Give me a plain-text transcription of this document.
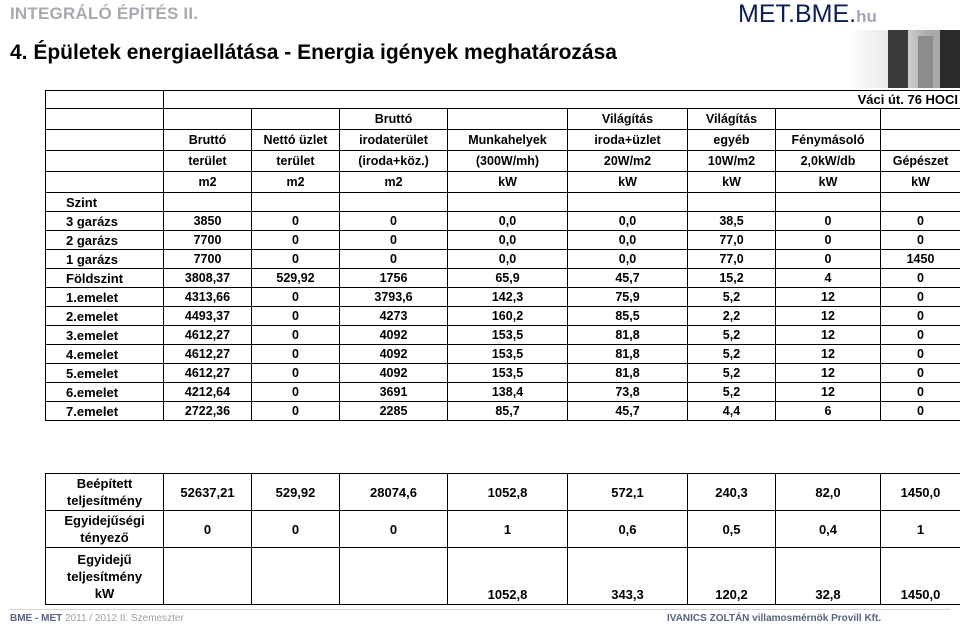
INTEGRÁLÓ ÉPÍTÉS II.	MET.BME.hu
4. Épületek energiaellátása - Energia igények meghatározása
	Váci út. 76 HOCI							
			Bruttó		Világítás	Világítás		
	Bruttó	Nettó üzlet	irodaterület	Munkahelyek	iroda+üzlet	egyéb	Fénymásoló	
	terület	terület	(iroda+köz.)	(300W/mh)	20W/m2	10W/m2	2,0kW/db	Gépészet
	m2	m2	m2	kW	kW	kW	kW	kW
Szint								
3 garázs	3850	0	0	0,0	0,0	38,5	0	0
2 garázs	7700	0	0	0,0	0,0	77,0	0	0
1 garázs	7700	0	0	0,0	0,0	77,0	0	1450
Földszint	3808,37	529,92	1756	65,9	45,7	15,2	4	0
1.emelet	4313,66	0	3793,6	142,3	75,9	5,2	12	0
2.emelet	4493,37	0	4273	160,2	85,5	2,2	12	0
3.emelet	4612,27	0	4092	153,5	81,8	5,2	12	0
4.emelet	4612,27	0	4092	153,5	81,8	5,2	12	0
5.emelet	4612,27	0	4092	153,5	81,8	5,2	12	0
6.emelet	4212,64	0	3691	138,4	73,8	5,2	12	0
7.emelet	2722,36	0	2285	85,7	45,7	4,4	6	0
Beépített
teljesítmény	52637,21	529,92	28074,6	1052,8	572,1	240,3	82,0	1450,0

Egyidejűségi
tényező	0	0	0	1	0,6	0,5	0,4	1

Egyidejű
teljesítmény
kW				1052,8	343,3	120,2	32,8	1450,0
BME - MET 2011 / 2012 II. Szemeszter	IVANICS ZOLTÁN villamosmérnök Provill Kft.
